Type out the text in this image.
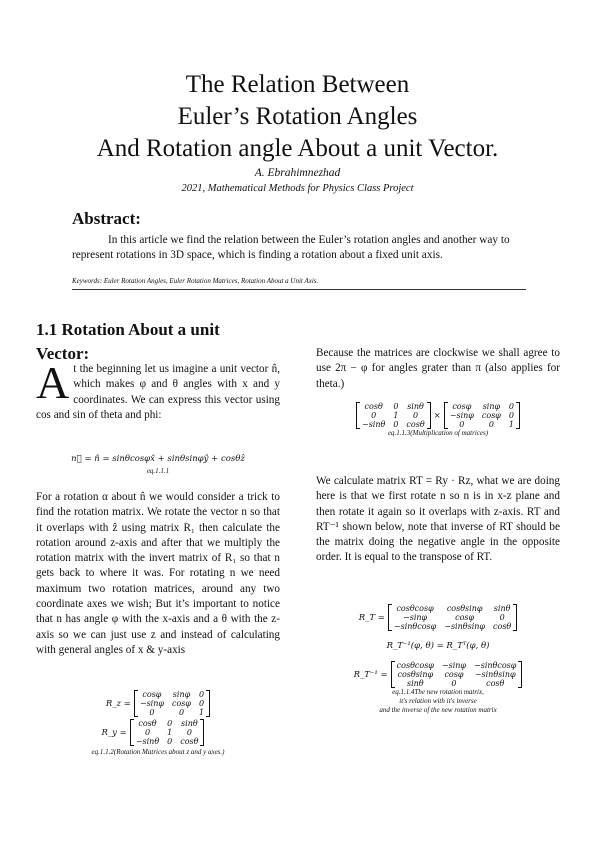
The Relation Between
Euler’s Rotation Angles
And Rotation angle About a unit Vector.
A. Ebrahimnezhad
2021, Mathematical Methods for Physics Class Project
Abstract:

In this article we find the relation between the Euler’s rotation angles and another way to represent rotations in 3D space, which is finding a rotation about a fixed unit axis.

Keywords: Euler Rotation Angles, Euler Rotation Matrices, Rotation About a Unit Axis.
1.1 Rotation About a unit Vector:

At the beginning let us imagine a unit vector n̂, which makes φ and θ angles with x and y coordinates. We can express this vector using cos and sin of theta and phi:

n⃗ = n̂ = sinθcosφx̂ + sinθsinφŷ + cosθẑ
eq.1.1.1

For a rotation α about n̂ we would consider a trick to find the rotation matrix. We rotate the vector n so that it overlaps with ẑ using matrix R₁ then calculate the rotation around z-axis and after that we multiply the rotation matrix with the invert matrix of R₁ so that n gets back to where it was. For rotating n we need maximum two rotation matrices, around any two coordinate axes we wish; But it’s important to notice that n has angle φ with the x-axis and a θ with the z-axis so we can just use z and instead of calculating with general angles of x & y-axis

R_z =
cosφ	sinφ	0
−sinφ	cosφ	0
0	0	1
R_y =
cosθ	0	sinθ
0	1	0
−sinθ	0	cosθ
eq.1.1.2(Rotation Matrices about z and y axes.)

Because the matrices are clockwise we shall agree to use 2π − φ for angles grater than π (also applies for theta.)

cosθ	0	sinθ
0	1	0
−sinθ	0	cosθ
×
cosφ	sinφ	0
−sinφ	cosφ	0
0	0	1
eq.1.1.3(Multiplication of matrices)

We calculate matrix RT = Ry · Rz, what we are doing here is that we first rotate n so n is in x-z plane and then rotate it again so it overlaps with z-axis. RT and RT⁻¹ shown below, note that inverse of RT should be the matrix doing the negative angle in the opposite order. It is equal to the transpose of RT.

R_T =
cosθcosφ	cosθsinφ	sinθ
−sinφ	cosφ	0
−sinθcosφ	−sinθsinφ	cosθ
R_T⁻¹(φ, θ) = R_Tᵀ(φ, θ)
R_T⁻¹ =
cosθcosφ	−sinφ	−sinθcosφ
cosθsinφ	cosφ	−sinθsinφ
sinθ	0	cosθ
eq.1.1.4The new rotation matrix,
it's relation with it's inverse
and the inverse of the new rotation matrix
